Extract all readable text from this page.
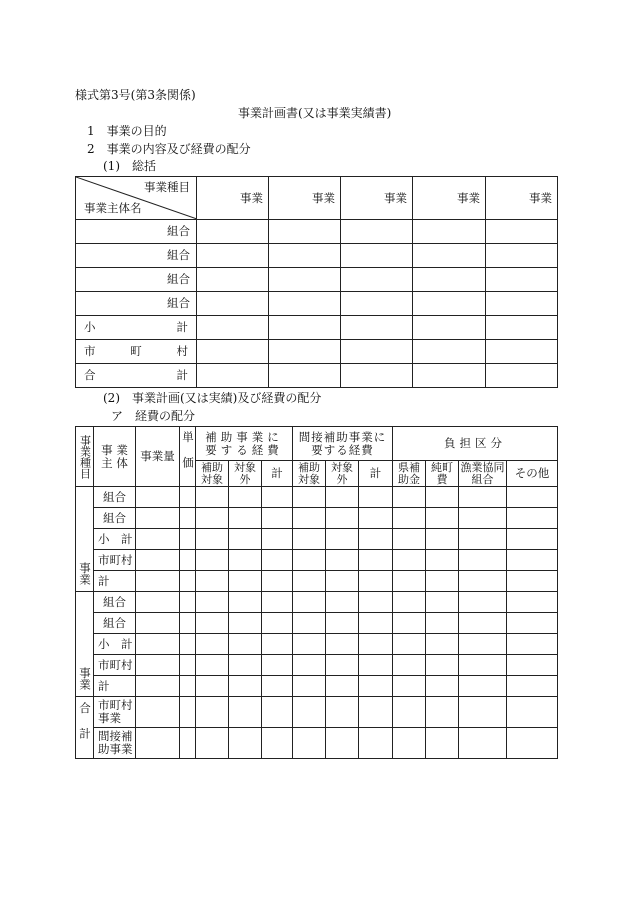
様式第3号(第3条関係)
事業計画書(又は事業実績書)
1　事業の目的
2　事業の内容及び経費の配分
(1)　総括
事業種目
事業主体名	事業	事業	事業	事業	事業
組合					
組合					
組合					
組合					

小 計					

市 町 村					

合 計					

(2)　事業計画(又は実績)及び経費の配分
ア　経費の配分
事業種目	事 業 主 体	事業量	単価	補助事業に要する経費			間接補助事業に要する経費			負担区分			
				補助対象	対象外	計	補助対象	対象外	計	県補助金	純町費	漁業協同組合	その他

事業	組合												
	組合												
	小　計												
	市町村												
	計												

事業	組合												
	組合												
	小　計												
	市町村												
	計												

合計	市町村事業												
	間接補助事業												
